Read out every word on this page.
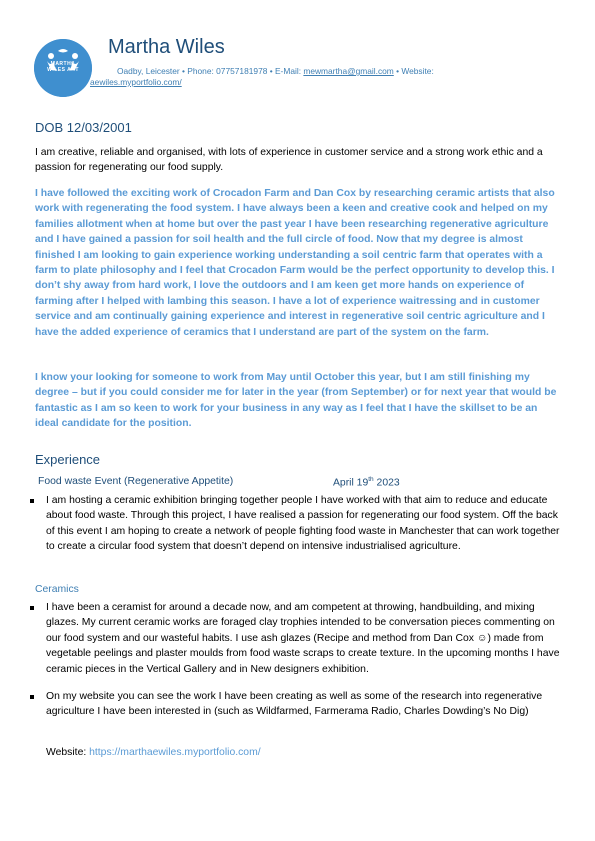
MARTHA WILES ART
Martha Wiles
Oadby, Leicester • Phone: 07757181978 • E-Mail: mewmartha@gmail.com • Website:
aewiles.myportfolio.com/
DOB 12/03/2001
I am creative, reliable and organised, with lots of experience in customer service and a strong work ethic and a passion for regenerating our food supply.
I have followed the exciting work of Crocadon Farm and Dan Cox by researching ceramic artists that also work with regenerating the food system. I have always been a keen and creative cook and helped on my families allotment when at home but over the past year I have been researching regenerative agriculture and I have gained a passion for soil health and the full circle of food. Now that my degree is almost finished I am looking to gain experience working understanding a soil centric farm that operates with a farm to plate philosophy and I feel that Crocadon Farm would be the perfect opportunity to develop this. I don’t shy away from hard work, I love the outdoors and I am keen get more hands on experience of farming after I helped with lambing this season. I have a lot of experience waitressing and in customer service and am continually gaining experience and interest in regenerative soil centric agriculture and I have the added experience of ceramics that I understand are part of the system on the farm.
I know your looking for someone to work from May until October this year, but I am still finishing my degree – but if you could consider me for later in the year (from September) or for next year that would be fantastic as I am so keen to work for your business in any way as I feel that I have the skillset to be an ideal candidate for the position.
Experience
Food waste Event (Regenerative Appetite)	April 19th 2023
I am hosting a ceramic exhibition bringing together people I have worked with that aim to reduce and educate about food waste. Through this project, I have realised a passion for regenerating our food system. Off the back of this event I am hoping to create a network of people fighting food waste in Manchester that can work together to create a circular food system that doesn’t depend on intensive industrialised agriculture.
Ceramics
I have been a ceramist for around a decade now, and am competent at throwing, handbuilding, and mixing glazes. My current ceramic works are foraged clay trophies intended to be conversation pieces commenting on our food system and our wasteful habits. I use ash glazes (Recipe and method from Dan Cox ☺) made from vegetable peelings and plaster moulds from food waste scraps to create texture. In the upcoming months I have ceramic pieces in the Vertical Gallery and in New designers exhibition.
On my website you can see the work I have been creating as well as some of the research into regenerative agriculture I have been interested in (such as Wildfarmed, Farmerama Radio, Charles Dowding’s No Dig)
Website: https://marthaewiles.myportfolio.com/
